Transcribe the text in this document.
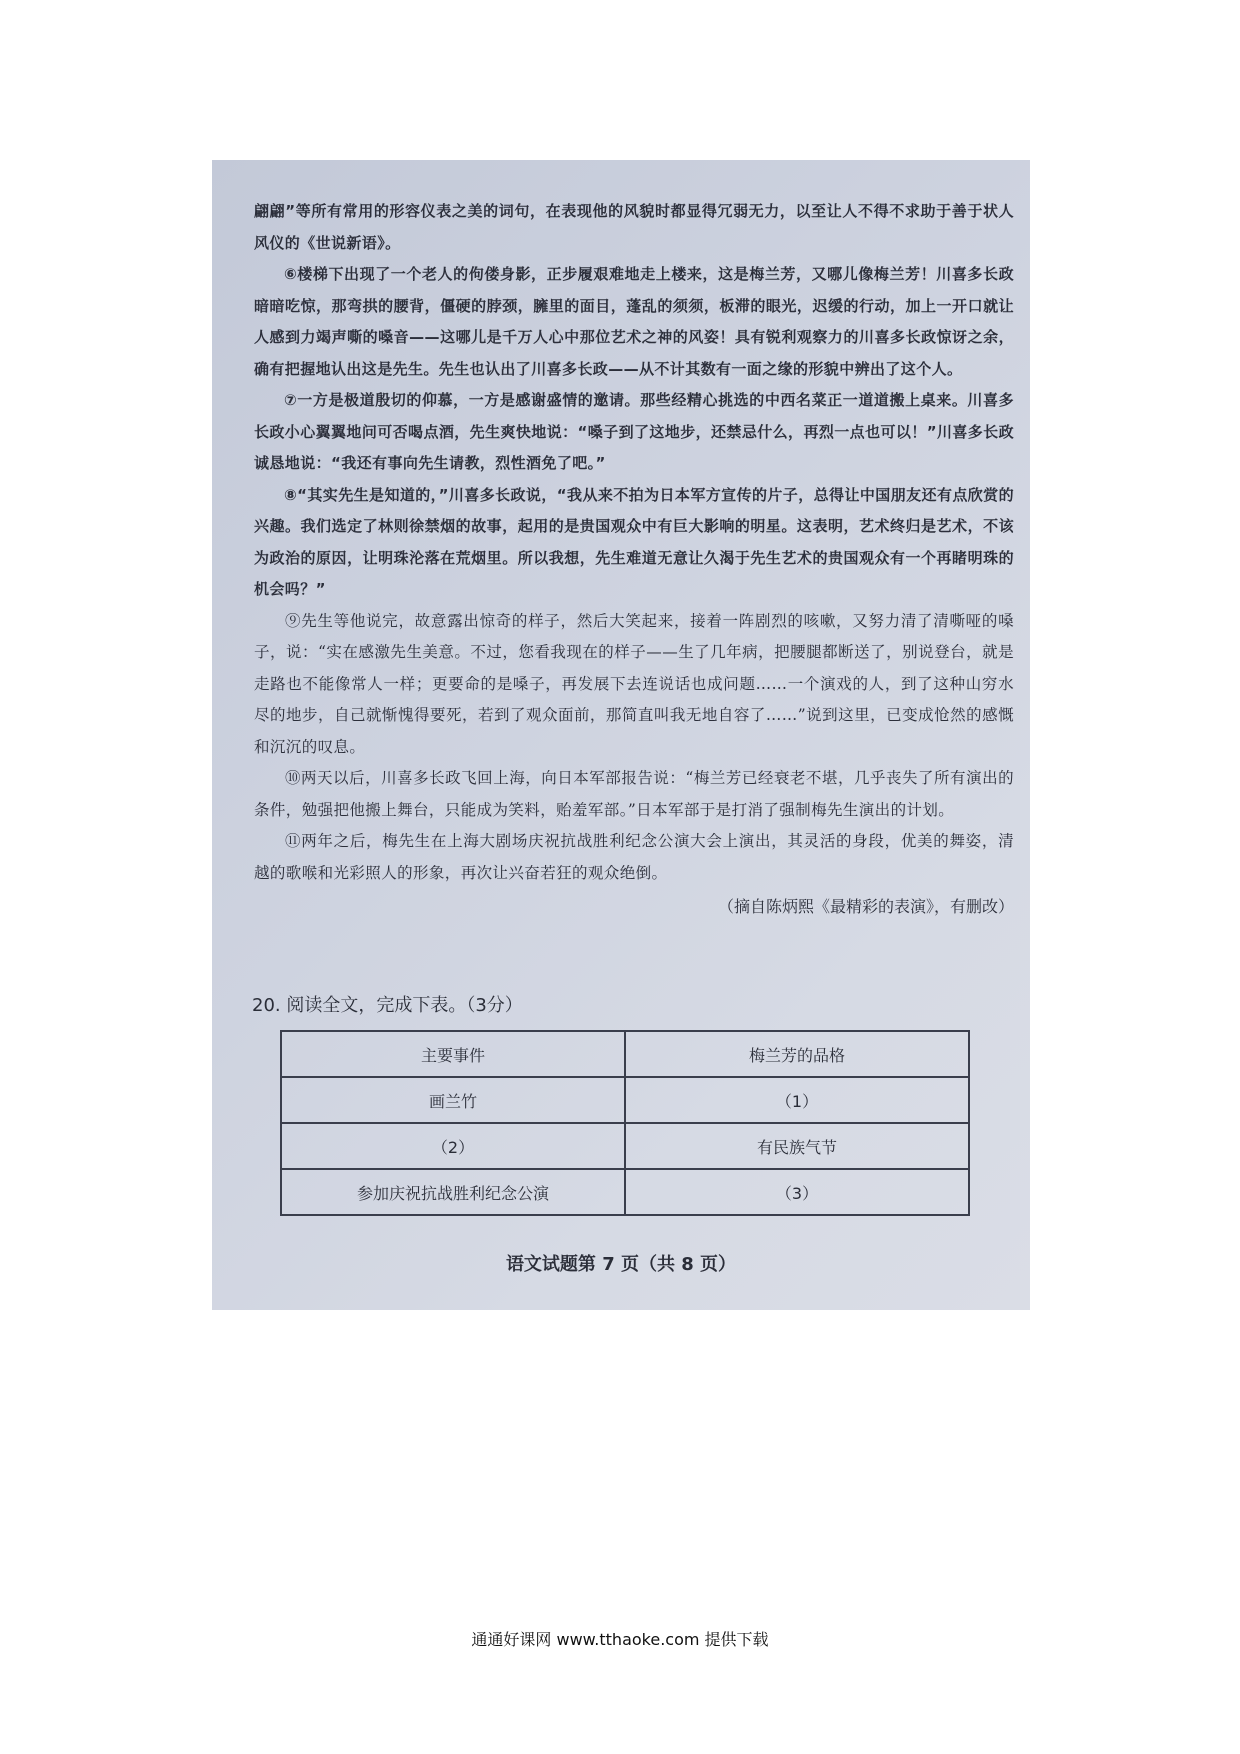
翩翩”等所有常用的形容仪表之美的词句，在表现他的风貌时都显得冗弱无力，以至让人不得不求助于善于状人风仪的《世说新语》。

⑥楼梯下出现了一个老人的佝偻身影，正步履艰难地走上楼来，这是梅兰芳，又哪儿像梅兰芳！川喜多长政暗暗吃惊，那弯拱的腰背，僵硬的脖颈，臃里的面目，蓬乱的须须，板滞的眼光，迟缓的行动，加上一开口就让人感到力竭声嘶的嗓音——这哪儿是千万人心中那位艺术之神的风姿！具有锐利观察力的川喜多长政惊讶之余，确有把握地认出这是先生。先生也认出了川喜多长政——从不计其数有一面之缘的形貌中辨出了这个人。

⑦一方是极道殷切的仰慕，一方是感谢盛情的邀请。那些经精心挑选的中西名菜正一道道搬上桌来。川喜多长政小心翼翼地问可否喝点酒，先生爽快地说：“嗓子到了这地步，还禁忌什么，再烈一点也可以！”川喜多长政诚恳地说：“我还有事向先生请教，烈性酒免了吧。”

⑧“其实先生是知道的，”川喜多长政说，“我从来不拍为日本军方宣传的片子，总得让中国朋友还有点欣赏的兴趣。我们选定了林则徐禁烟的故事，起用的是贵国观众中有巨大影响的明星。这表明，艺术终归是艺术，不该为政治的原因，让明珠沦落在荒烟里。所以我想，先生难道无意让久渴于先生艺术的贵国观众有一个再睹明珠的机会吗？”

⑨先生等他说完，故意露出惊奇的样子，然后大笑起来，接着一阵剧烈的咳嗽，又努力清了清嘶哑的嗓子，说：“实在感激先生美意。不过，您看我现在的样子——生了几年病，把腰腿都断送了，别说登台，就是走路也不能像常人一样；更要命的是嗓子，再发展下去连说话也成问题……一个演戏的人，到了这种山穷水尽的地步，自己就惭愧得要死，若到了观众面前，那简直叫我无地自容了……”说到这里，已变成怆然的感慨和沉沉的叹息。

⑩两天以后，川喜多长政飞回上海，向日本军部报告说：“梅兰芳已经衰老不堪，几乎丧失了所有演出的条件，勉强把他搬上舞台，只能成为笑料，贻羞军部。”日本军部于是打消了强制梅先生演出的计划。

⑪两年之后，梅先生在上海大剧场庆祝抗战胜利纪念公演大会上演出，其灵活的身段，优美的舞姿，清越的歌喉和光彩照人的形象，再次让兴奋若狂的观众绝倒。

（摘自陈炳熙《最精彩的表演》，有删改）

20. 阅读全文，完成下表。（3分）

主要事件	梅兰芳的品格
画兰竹	（1）
（2）	有民族气节
参加庆祝抗战胜利纪念公演	（3）
语文试题第 7 页（共 8 页）
通通好课网 www.tthaoke.com 提供下载
